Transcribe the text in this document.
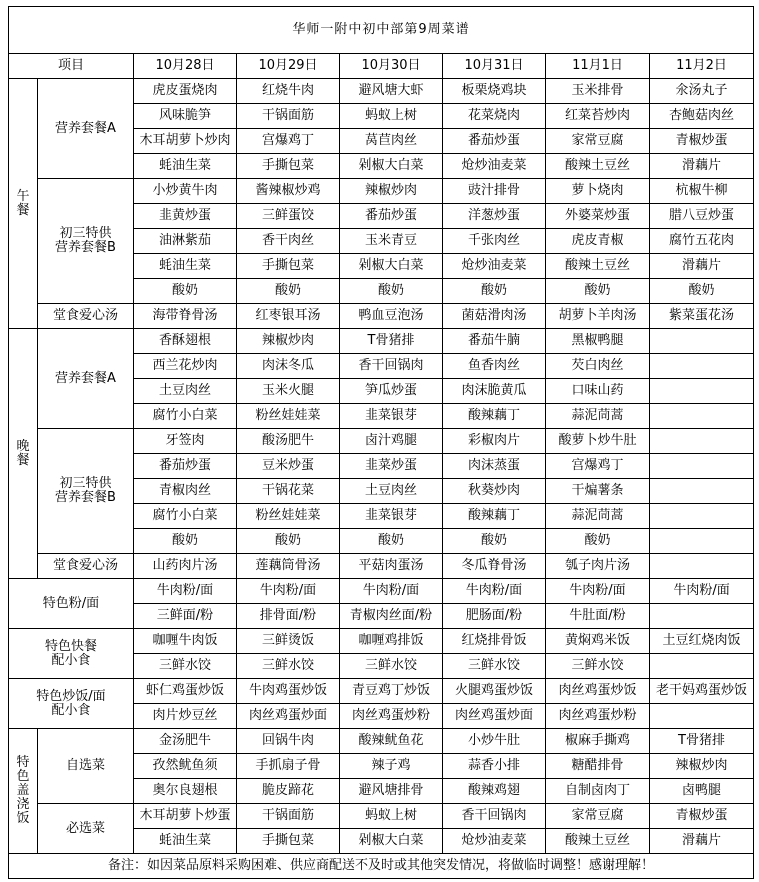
华师一附中初中部第9周菜谱							
项目		10月28日	10月29日	10月30日	10月31日	11月1日	11月2日
午
餐	营养套餐A	虎皮蛋烧肉	红烧牛肉	避风塘大虾	板栗烧鸡块	玉米排骨	氽汤丸子
		风味脆笋	干锅面筋	蚂蚁上树	花菜烧肉	红菜苔炒肉	杏鲍菇肉丝
		木耳胡萝卜炒肉	宫爆鸡丁	莴苣肉丝	番茄炒蛋	家常豆腐	青椒炒蛋
		蚝油生菜	手撕包菜	剁椒大白菜	炝炒油麦菜	酸辣土豆丝	滑藕片

	初三特供
营养套餐B	小炒黄牛肉	酱辣椒炒鸡	辣椒炒肉	豉汁排骨	萝卜烧肉	杭椒牛柳
		韭黄炒蛋	三鲜蛋饺	番茄炒蛋	洋葱炒蛋	外婆菜炒蛋	腊八豆炒蛋
		油淋紫茄	香干肉丝	玉米青豆	千张肉丝	虎皮青椒	腐竹五花肉
		蚝油生菜	手撕包菜	剁椒大白菜	炝炒油麦菜	酸辣土豆丝	滑藕片
		酸奶	酸奶	酸奶	酸奶	酸奶	酸奶
	堂食爱心汤	海带脊骨汤	红枣银耳汤	鸭血豆泡汤	菌菇滑肉汤	胡萝卜羊肉汤	紫菜蛋花汤
晚
餐	营养套餐A	香酥翅根	辣椒炒肉	T骨猪排	番茄牛腩	黑椒鸭腿	
		西兰花炒肉	肉沫冬瓜	香干回锅肉	鱼香肉丝	芡白肉丝	
		土豆肉丝	玉米火腿	笋瓜炒蛋	肉沫脆黄瓜	口味山药	
		腐竹小白菜	粉丝娃娃菜	韭菜银芽	酸辣藕丁	蒜泥茼蒿	

	初三特供
营养套餐B	牙签肉	酸汤肥牛	卤汁鸡腿	彩椒肉片	酸萝卜炒牛肚	
		番茄炒蛋	豆米炒蛋	韭菜炒蛋	肉沫蒸蛋	宫爆鸡丁	
		青椒肉丝	干锅花菜	土豆肉丝	秋葵炒肉	干煸薯条	
		腐竹小白菜	粉丝娃娃菜	韭菜银芽	酸辣藕丁	蒜泥茼蒿	
		酸奶	酸奶	酸奶	酸奶	酸奶	
	堂食爱心汤	山药肉片汤	莲藕筒骨汤	平菇肉蛋汤	冬瓜脊骨汤	瓠子肉片汤	
特色粉/面		牛肉粉/面	牛肉粉/面	牛肉粉/面	牛肉粉/面	牛肉粉/面	牛肉粉/面
		三鲜面/粉	排骨面/粉	青椒肉丝面/粉	肥肠面/粉	牛肚面/粉	

特色快餐
配小食		咖喱牛肉饭	三鲜烫饭	咖喱鸡排饭	红烧排骨饭	黄焖鸡米饭	土豆红烧肉饭
		三鲜水饺	三鲜水饺	三鲜水饺	三鲜水饺	三鲜水饺	

特色炒饭/面
配小食		虾仁鸡蛋炒饭	牛肉鸡蛋炒饭	青豆鸡丁炒饭	火腿鸡蛋炒饭	肉丝鸡蛋炒饭	老干妈鸡蛋炒饭
		肉片炒豆丝	肉丝鸡蛋炒面	肉丝鸡蛋炒粉	肉丝鸡蛋炒面	肉丝鸡蛋炒粉	
特
色
盖
浇
饭	自选菜	金汤肥牛	回锅牛肉	酸辣鱿鱼花	小炒牛肚	椒麻手撕鸡	T骨猪排
		孜然鱿鱼须	手抓扇子骨	辣子鸡	蒜香小排	糖醋排骨	辣椒炒肉
		奥尔良翅根	脆皮蹄花	避风塘排骨	酸辣鸡翅	自制卤肉丁	卤鸭腿
	必选菜	木耳胡萝卜炒蛋	干锅面筋	蚂蚁上树	香干回锅肉	家常豆腐	青椒炒蛋
		蚝油生菜	手撕包菜	剁椒大白菜	炝炒油麦菜	酸辣土豆丝	滑藕片
备注：如因菜品原料采购困难、供应商配送不及时或其他突发情况，将做临时调整！感谢理解！							
